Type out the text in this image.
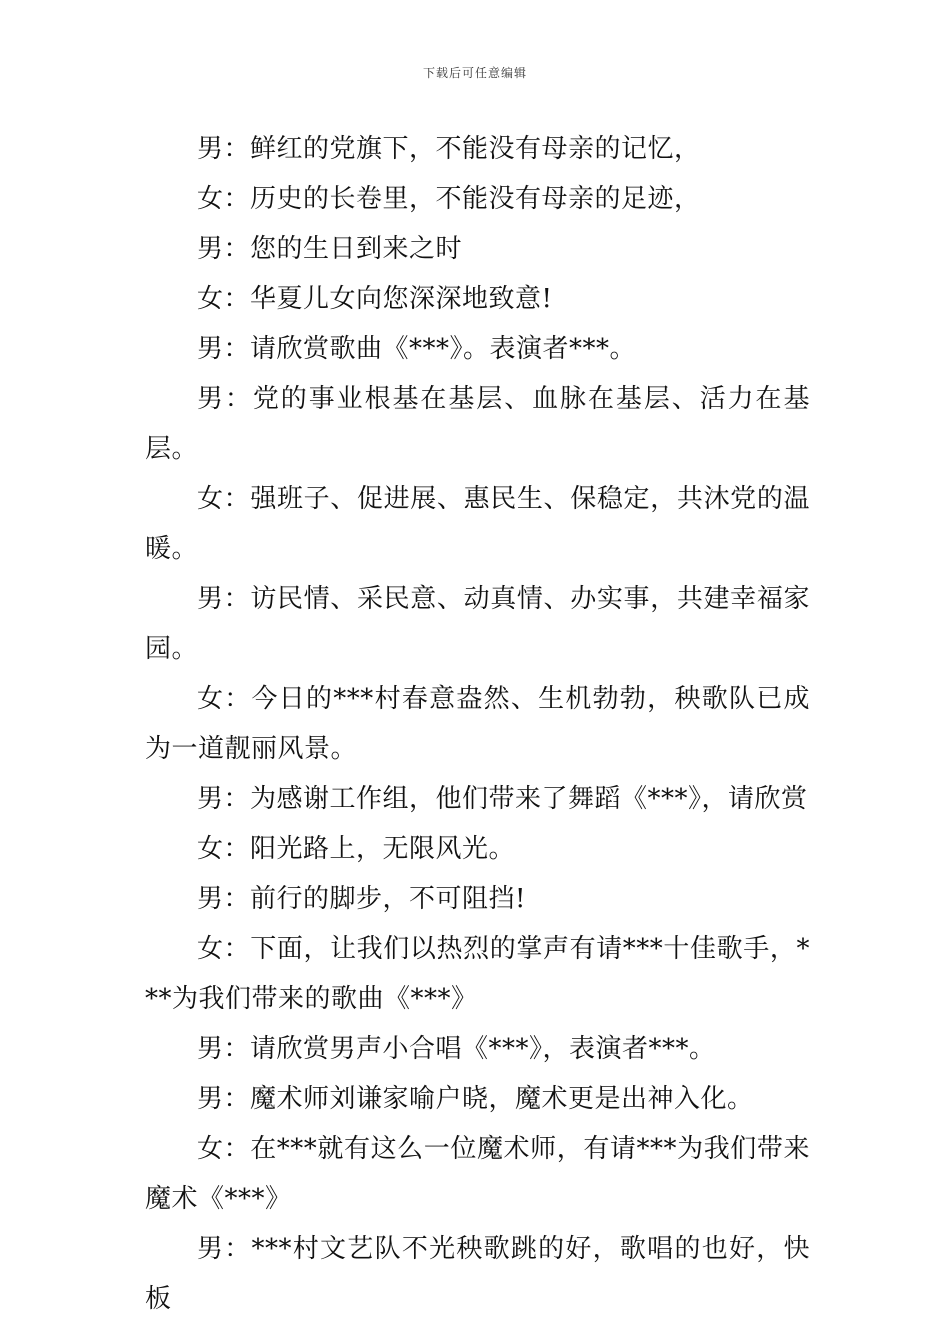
下载后可任意编辑

男：鲜红的党旗下，不能没有母亲的记忆，

女：历史的长卷里，不能没有母亲的足迹，

男：您的生日到来之时

女：华夏儿女向您深深地致意!

男：请欣赏歌曲《***》。表演者***。

男：党的事业根基在基层、血脉在基层、活力在基层。

女：强班子、促进展、惠民生、保稳定，共沐党的温暖。

男：访民情、采民意、动真情、办实事，共建幸福家园。

女：今日的***村春意盎然、生机勃勃，秧歌队已成为一道靓丽风景。

男：为感谢工作组，他们带来了舞蹈《***》，请欣赏

女：阳光路上，无限风光。

男：前行的脚步，不可阻挡!

女：下面，让我们以热烈的掌声有请***十佳歌手，***为我们带来的歌曲《***》

男：请欣赏男声小合唱《***》，表演者***。

男：魔术师刘谦家喻户晓，魔术更是出神入化。

女：在***就有这么一位魔术师，有请***为我们带来魔术《***》

男：***村文艺队不光秧歌跳的好，歌唱的也好，快板
